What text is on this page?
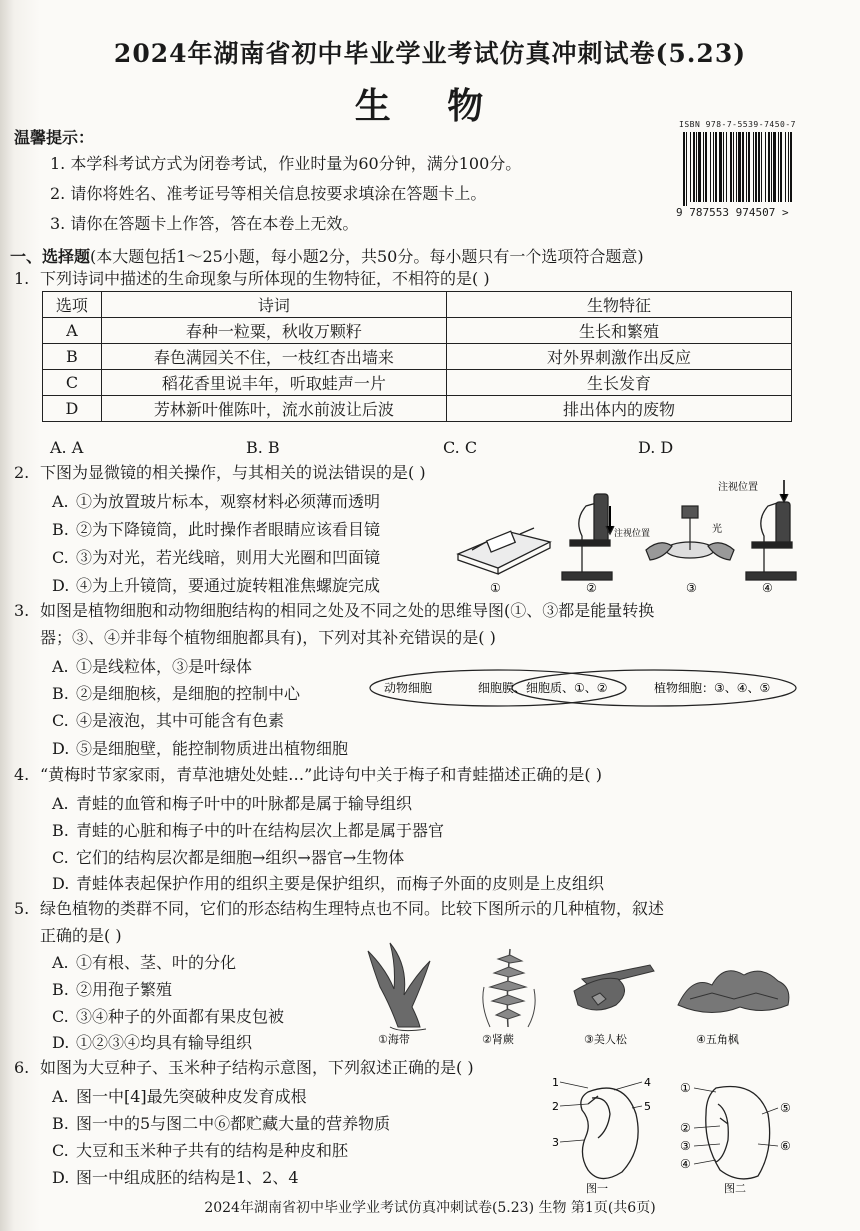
2024年湖南省初中毕业学业考试仿真冲刺试卷(5.23)
生 物	ISBN 978-7-5539-7450-7
9 787553 974507 >
温馨提示：
1. 本学科考试方式为闭卷考试，作业时量为60分钟，满分100分。
2. 请你将姓名、准考证号等相关信息按要求填涂在答题卡上。
3. 请你在答题卡上作答，答在本卷上无效。
一、选择题(本大题包括1～25小题，每小题2分，共50分。每小题只有一个选项符合题意)
1. 下列诗词中描述的生命现象与所体现的生物特征，不相符的是( )
选项	诗词	生物特征
A	春种一粒粟，秋收万颗籽	生长和繁殖
B	春色满园关不住，一枝红杏出墙来	对外界刺激作出反应
C	稻花香里说丰年，听取蛙声一片	生长发育
D	芳林新叶催陈叶，流水前波让后波	排出体内的废物
A. A	B. B	C. C	D. D
2. 下图为显微镜的相关操作，与其相关的说法错误的是( )
A. ①为放置玻片标本，观察材料必须薄而透明
B. ②为下降镜筒，此时操作者眼睛应该看目镜
C. ③为对光，若光线暗，则用大光圈和凹面镜
D. ④为上升镜筒，要通过旋转粗准焦螺旋完成	①
注视位置
②
光
③
注视位置
④
3. 如图是植物细胞和动物细胞结构的相同之处及不同之处的思维导图(①、③都是能量转换
器；③、④并非每个植物细胞都具有)，下列对其补充错误的是( )
A. ①是线粒体，③是叶绿体
B. ②是细胞核，是细胞的控制中心
C. ④是液泡，其中可能含有色素
D. ⑤是细胞壁，能控制物质进出植物细胞
动物细胞	细胞膜、细胞质、①、②	植物细胞：③、④、⑤
4. “黄梅时节家家雨，青草池塘处处蛙…”此诗句中关于梅子和青蛙描述正确的是( )
A. 青蛙的血管和梅子叶中的叶脉都是属于输导组织
B. 青蛙的心脏和梅子中的叶在结构层次上都是属于器官
C. 它们的结构层次都是细胞→组织→器官→生物体
D. 青蛙体表起保护作用的组织主要是保护组织，而梅子外面的皮则是上皮组织
5. 绿色植物的类群不同，它们的形态结构生理特点也不同。比较下图所示的几种植物，叙述
正确的是( )
A. ①有根、茎、叶的分化
B. ②用孢子繁殖
C. ③④种子的外面都有果皮包被
D. ①②③④均具有输导组织	①海带	②肾蕨	③美人松	④五角枫
6. 如图为大豆种子、玉米种子结构示意图，下列叙述正确的是( )
A. 图一中[4]最先突破种皮发育成根
B. 图一中的5与图二中⑥都贮藏大量的营养物质
C. 大豆和玉米种子共有的结构是种皮和胚
D. 图一中组成胚的结构是1、2、4
1
2
3
4
5
图一
①
⑤
②
③	⑥
④
图二
2024年湖南省初中毕业学业考试仿真冲刺试卷(5.23) 生物 第1页(共6页)
